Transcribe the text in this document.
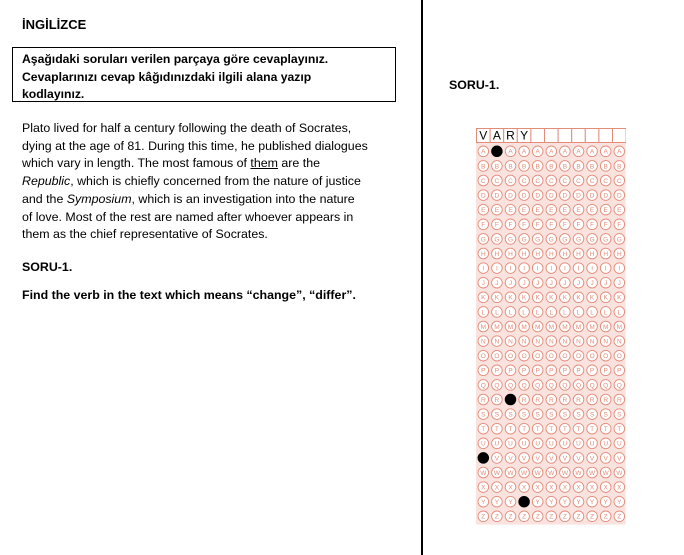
İNGİLİZCE
Aşağıdaki soruları verilen parçaya göre cevaplayınız.
Cevaplarınızı cevap kâğıdınızdaki ilgili alana yazıp
kodlayınız.

Plato lived for half a century following the death of Socrates,

dying at the age of 81. During this time, he published dialogues

which vary in length. The most famous of them are the

Republic, which is chiefly concerned from the nature of justice

and the Symposium, which is an investigation into the nature

of love. Most of the rest are named after whoever appears in

them as the chief representative of Socrates.

SORU-1.
Find the verb in the text which means “change”, “differ”.
SORU-1.
V
A
B
C
D
E
F
G
H
I
J
K
L
M
N
O
P
Q
R
S
T
U
W
X
Y
Z
A
B
C
D
E
F
G
H
I
J
K
L
M
N
O
P
Q
R
S
T
U
V
W
X
Y
Z
R
A
B
C
D
E
F
G
H
I
J
K
L
M
N
O
P
Q
S
T
U
V
W
X
Y
Z
Y
A
B
C
D
E
F
G
H
I
J
K
L
M
N
O
P
Q
R
S
T
U
V
W
X
Z
A
B
C
D
E
F
G
H
I
J
K
L
M
N
O
P
Q
R
S
T
U
V
W
X
Y
Z
A
B
C
D
E
F
G
H
I
J
K
L
M
N
O
P
Q
R
S
T
U
V
W
X
Y
Z
A
B
C
D
E
F
G
H
I
J
K
L
M
N
O
P
Q
R
S
T
U
V
W
X
Y
Z
A
B
C
D
E
F
G
H
I
J
K
L
M
N
O
P
Q
R
S
T
U
V
W
X
Y
Z
A
B
C
D
E
F
G
H
I
J
K
L
M
N
O
P
Q
R
S
T
U
V
W
X
Y
Z
A
B
C
D
E
F
G
H
I
J
K
L
M
N
O
P
Q
R
S
T
U
V
W
X
Y
Z
A
B
C
D
E
F
G
H
I
J
K
L
M
N
O
P
Q
R
S
T
U
V
W
X
Y
Z
